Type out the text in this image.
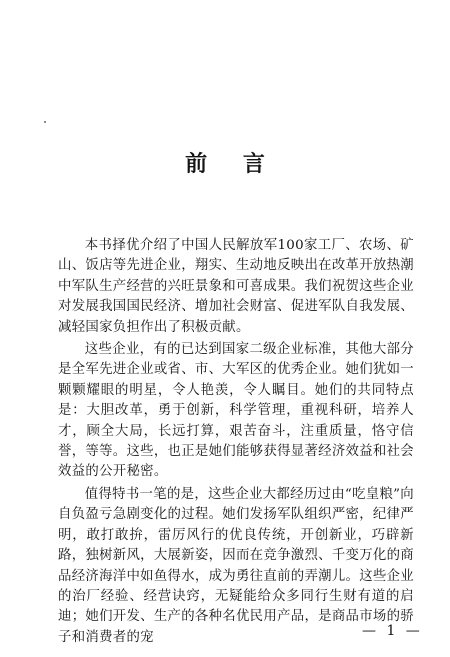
前 言

本书择优介绍了中国人民解放军100家工厂、农场、矿山、饭店等先进企业，翔实、生动地反映出在改革开放热潮中军队生产经营的兴旺景象和可喜成果。我们祝贺这些企业对发展我国国民经济、增加社会财富、促进军队自我发展、减轻国家负担作出了积极贡献。

这些企业，有的已达到国家二级企业标准，其他大部分是全军先进企业或省、市、大军区的优秀企业。她们犹如一颗颗耀眼的明星，令人艳羡，令人瞩目。她们的共同特点是：大胆改革，勇于创新，科学管理，重视科研，培养人才，顾全大局，长远打算，艰苦奋斗，注重质量，恪守信誉，等等。这些，也正是她们能够获得显著经济效益和社会效益的公开秘密。

值得特书一笔的是，这些企业大都经历过由“吃皇粮”向自负盈亏急剧变化的过程。她们发扬军队组织严密，纪律严明，敢打敢拚，雷厉风行的优良传统，开创新业，巧辟新路，独树新风，大展新姿，因而在竞争激烈、千变万化的商品经济海洋中如鱼得水，成为勇往直前的弄潮儿。这些企业的治厂经验、经营诀窍，无疑能给众多同行生财有道的启迪；她们开发、生产的各种名优民用产品，是商品市场的骄子和消费者的宠	— 1 —
